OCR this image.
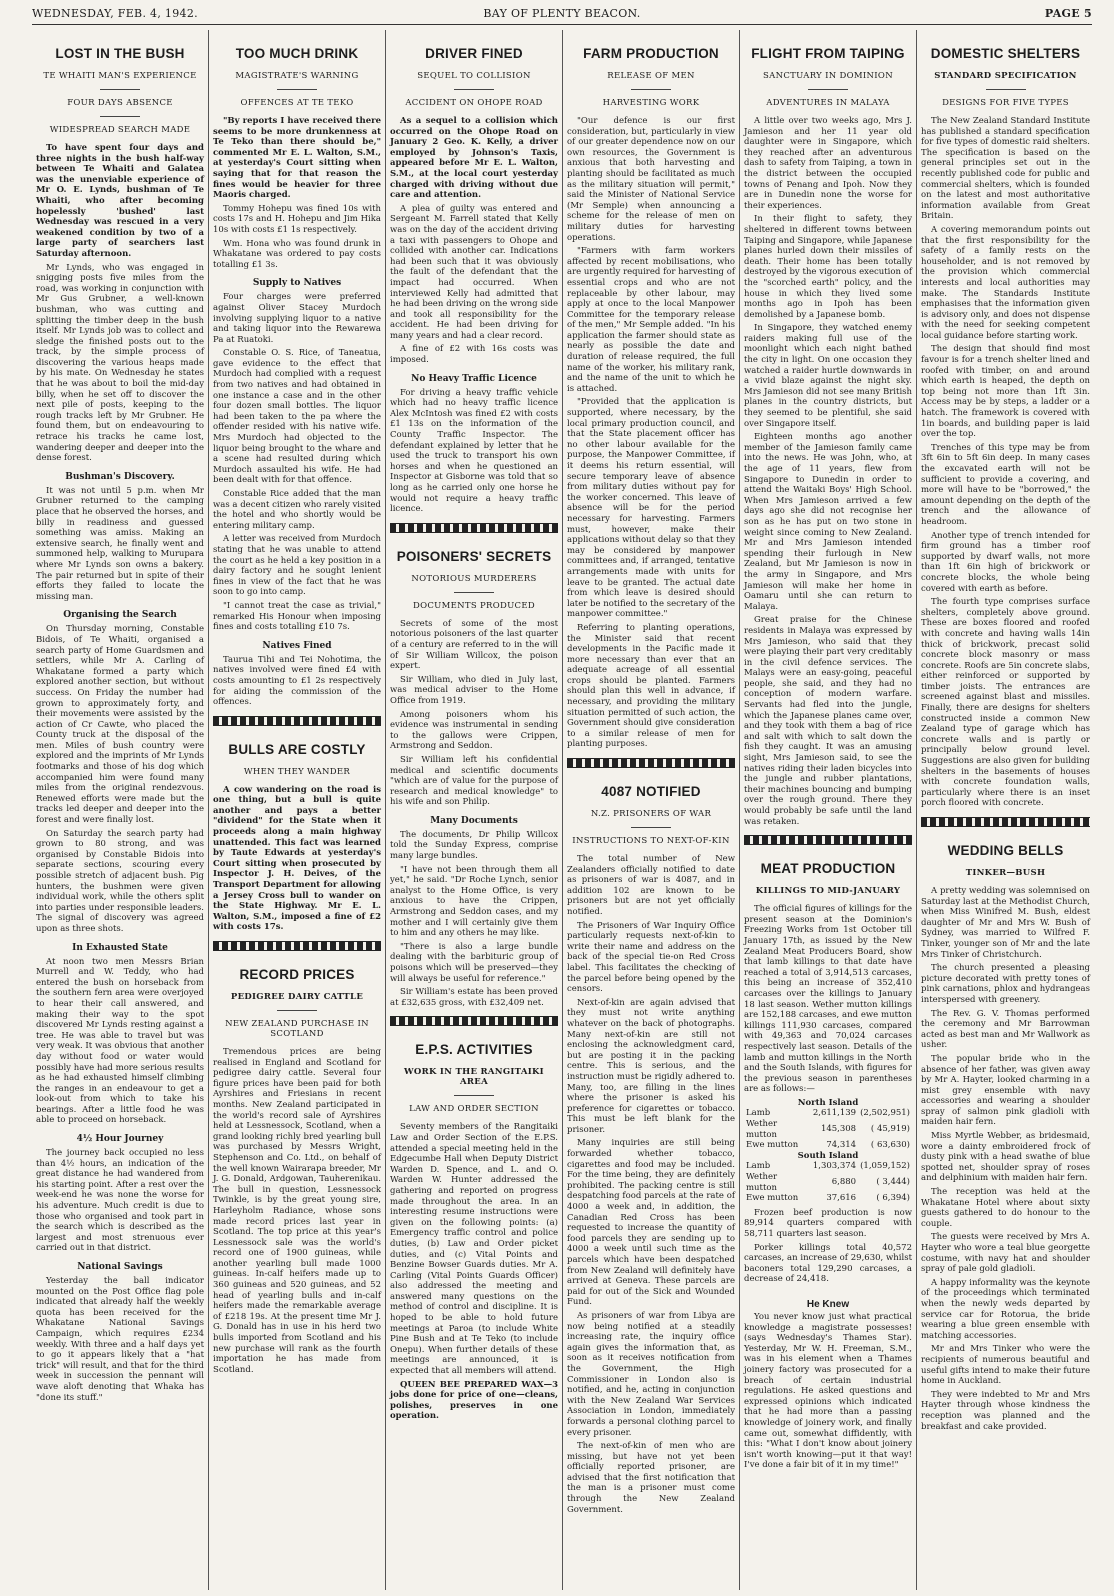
WEDNESDAY, FEB. 4, 1942.	BAY OF PLENTY BEACON.	PAGE 5
LOST IN THE BUSH
TE WHAITI MAN'S EXPERIENCE
FOUR DAYS ABSENCE
WIDESPREAD SEARCH MADE

To have spent four days and three nights in the bush half-way between Te Whaiti and Galatea was the unenviable experience of Mr O. E. Lynds, bushman of Te Whaiti, who after becoming hopelessly 'bushed' last Wednesday was rescued in a very weakened condition by two of a large party of searchers last Saturday afternoon.

Mr Lynds, who was engaged in snigging posts five miles from the road, was working in conjunction with Mr Gus Grubner, a well-known bushman, who was cutting and splitting the timber deep in the bush itself. Mr Lynds job was to collect and sledge the finished posts out to the track, by the simple process of discovering the various heaps made by his mate. On Wednesday he states that he was about to boil the mid-day billy, when he set off to discover the next pile of posts, keeping to the rough tracks left by Mr Grubner. He found them, but on endeavouring to retrace his tracks he came lost, wandering deeper and deeper into the dense forest.

Bushman's Discovery.

It was not until 5 p.m. when Mr Grubner returned to the camping place that he observed the horses, and billy in readiness and guessed something was amiss. Making an extensive search, he finally went and summoned help, walking to Murupara where Mr Lynds son owns a bakery. The pair returned but in spite of their efforts they failed to locate the missing man.

Organising the Search

On Thursday morning, Constable Bidois, of Te Whaiti, organised a search party of Home Guardsmen and settlers, while Mr A. Carling of Whakatane formed a party which explored another section, but without success. On Friday the number had grown to approximately forty, and their movements were assisted by the action of Cr Cawte, who placed the County truck at the disposal of the men. Miles of bush country were explored and the imprints of Mr Lynds footmarks and those of his dog which accompanied him were found many miles from the original rendezvous. Renewed efforts were made but the tracks led deeper and deeper into the forest and were finally lost.

On Saturday the search party had grown to 80 strong, and was organised by Constable Bidois into separate sections, scouring every possible stretch of adjacent bush. Pig hunters, the bushmen were given individual work, while the others split into parties under responsible leaders. The signal of discovery was agreed upon as three shots.

In Exhausted State

At noon two men Messrs Brian Murrell and W. Teddy, who had entered the bush on horseback from the southern fern area were overjoyed to hear their call answered, and making their way to the spot discovered Mr Lynds resting against a tree. He was able to travel but was very weak. It was obvious that another day without food or water would possibly have had more serious results as he had exhausted himself climbing the ranges in an endeavour to get a look-out from which to take his bearings. After a little food he was able to proceed on horseback.

4½ Hour Journey

The journey back occupied no less than 4½ hours, an indication of the great distance he had wandered from his starting point. After a rest over the week-end he was none the worse for his adventure. Much credit is due to those who organised and took part in the search which is described as the largest and most strenuous ever carried out in that district.

National Savings

Yesterday the ball indicator mounted on the Post Office flag pole indicated that already half the weekly quota has been received for the Whakatane National Savings Campaign, which requires £234 weekly. With three and a half days yet to go it appears likely that a "hat trick" will result, and that for the third week in succession the pennant will wave aloft denoting that Whaka has "done its stuff."

TOO MUCH DRINK
MAGISTRATE'S WARNING
OFFENCES AT TE TEKO

"By reports I have received there seems to be more drunkenness at Te Teko than there should be," commented Mr E. L. Walton, S.M., at yesterday's Court sitting when saying that for that reason the fines would be heavier for three Maoris charged.

Tommy Hohepu was fined 10s with costs 17s and H. Hohepu and Jim Hika 10s with costs £1 1s respectively.

Wm. Hona who was found drunk in Whakatane was ordered to pay costs totalling £1 3s.

Supply to Natives

Four charges were preferred against Oliver Stacey Murdoch involving supplying liquor to a native and taking liquor into the Rewarewa Pa at Ruatoki.

Constable O. S. Rice, of Taneatua, gave evidence to the effect that Murdoch had complied with a request from two natives and had obtained in one instance a case and in the other four dozen small bottles. The liquor had been taken to the pa where the offender resided with his native wife. Mrs Murdoch had objected to the liquor being brought to the whare and a scene had resulted during which Murdoch assaulted his wife. He had been dealt with for that offence.

Constable Rice added that the man was a decent citizen who rarely visited the hotel and who shortly would be entering military camp.

A letter was received from Murdoch stating that he was unable to attend the court as he held a key position in a dairy factory and he sought lenient fines in view of the fact that he was soon to go into camp.

"I cannot treat the case as trivial," remarked His Honour when imposing fines and costs totalling £10 7s.

Natives Fined

Taurua Tihi and Tei Nohotima, the natives involved were fined £4 with costs amounting to £1 2s respectively for aiding the commission of the offences.

BULLS ARE COSTLY
WHEN THEY WANDER

A cow wandering on the road is one thing, but a bull is quite another and pays a better "dividend" for the State when it proceeds along a main highway unattended. This fact was learned by Taute Edwards at yesterday's Court sitting when prosecuted by Inspector J. H. Deives, of the Transport Department for allowing a Jersey Cross bull to wander on the State Highway. Mr E. L. Walton, S.M., imposed a fine of £2 with costs 17s.

RECORD PRICES
PEDIGREE DAIRY CATTLE
NEW ZEALAND PURCHASE IN SCOTLAND

Tremendous prices are being realised in England and Scotland for pedigree dairy cattle. Several four figure prices have been paid for both Ayrshires and Friesians in recent months. New Zealand participated in the world's record sale of Ayrshires held at Lessnessock, Scotland, when a grand looking richly bred yearling bull was purchased by Messrs Wright, Stephenson and Co. Ltd., on behalf of the well known Wairarapa breeder, Mr J. G. Donald, Ardgowan, Tauherenikau. The bull in question, Lessnessock Twinkle, is by the great young sire, Harleyholm Radiance, whose sons made record prices last year in Scotland. The top price at this year's Lessnessock sale was the world's record one of 1900 guineas, while another yearling bull made 1000 guineas. In-calf heifers made up to 360 guineas and 520 guineas, and 52 head of yearling bulls and in-calf heifers made the remarkable average of £218 19s. At the present time Mr J. G. Donald has in use in his herd two bulls imported from Scotland and his new purchase will rank as the fourth importation he has made from Scotland.

DRIVER FINED
SEQUEL TO COLLISION
ACCIDENT ON OHOPE ROAD

As a sequel to a collision which occurred on the Ohope Road on January 2 Geo. K. Kelly, a driver employed by Johnson's Taxis, appeared before Mr E. L. Walton, S.M., at the local court yesterday charged with driving without due care and attention.

A plea of guilty was entered and Sergeant M. Farrell stated that Kelly was on the day of the accident driving a taxi with passengers to Ohope and collided with another car. Indications had been such that it was obviously the fault of the defendant that the impact had occurred. When interviewed Kelly had admitted that he had been driving on the wrong side and took all responsibility for the accident. He had been driving for many years and had a clear record.

A fine of £2 with 16s costs was imposed.

No Heavy Traffic Licence

For driving a heavy traffic vehicle which had no heavy traffic licence Alex McIntosh was fined £2 with costs £1 13s on the information of the County Traffic Inspector. The defendant explained by letter that he used the truck to transport his own horses and when he questioned an Inspector at Gisborne was told that so long as he carried only one horse he would not require a heavy traffic licence.

POISONERS' SECRETS
NOTORIOUS MURDERERS
DOCUMENTS PRODUCED

Secrets of some of the most notorious poisoners of the last quarter of a century are referred to in the will of Sir William Willcox, the poison expert.

Sir William, who died in July last, was medical adviser to the Home Office from 1919.

Among poisoners whom his evidence was instrumental in sending to the gallows were Crippen, Armstrong and Seddon.

Sir William left his confidential medical and scientific documents "which are of value for the purpose of research and medical knowledge" to his wife and son Philip.

Many Documents

The documents, Dr Philip Willcox told the Sunday Express, comprise many large bundles.

"I have not been through them all yet," he said. "Dr Roche Lynch, senior analyst to the Home Office, is very anxious to have the Crippen, Armstrong and Seddon cases, and my mother and I will certainly give them to him and any others he may like.

"There is also a large bundle dealing with the barbituric group of poisons which will be preserved—they will always be useful for reference."

Sir William's estate has been proved at £32,635 gross, with £32,409 net.

E.P.S. ACTIVITIES
WORK IN THE RANGITAIKI AREA
LAW AND ORDER SECTION

Seventy members of the Rangitaiki Law and Order Section of the E.P.S. attended a special meeting held in the Edgecumbe Hall when Deputy District Warden D. Spence, and L. and O. Warden W. Hunter addressed the gathering and reported on progress made throughout the area. In an interesting resume instructions were given on the following points: (a) Emergency traffic control and police duties, (b) Law and Order picket duties, and (c) Vital Points and Benzine Bowser Guards duties. Mr A. Carling (Vital Points Guards Officer) also addressed the meeting and answered many questions on the method of control and discipline. It is hoped to be able to hold future meetings at Paroa (to include White Pine Bush and at Te Teko (to include Onepu). When further details of these meetings are announced, it is expected that all members will attend.

QUEEN BEE PREPARED WAX—3 jobs done for price of one—cleans, polishes, preserves in one operation.

FARM PRODUCTION
RELEASE OF MEN
HARVESTING WORK

"Our defence is our first consideration, but, particularly in view of our greater dependence now on our own resources, the Government is anxious that both harvesting and planting should be facilitated as much as the military situation will permit," said the Minister of National Service (Mr Semple) when announcing a scheme for the release of men on military duties for harvesting operations.

"Farmers with farm workers affected by recent mobilisations, who are urgently required for harvesting of essential crops and who are not replaceable by other labour, may apply at once to the local Manpower Committee for the temporary release of the men," Mr Semple added. "In his application the farmer should state as nearly as possible the date and duration of release required, the full name of the worker, his military rank, and the name of the unit to which he is attached.

"Provided that the application is supported, where necessary, by the local primary production council, and that the State placement officer has no other labour available for the purpose, the Manpower Committee, if it deems his return essential, will secure temporary leave of absence from military duties without pay for the worker concerned. This leave of absence will be for the period necessary for harvesting. Farmers must, however, make their applications without delay so that they may be considered by manpower committees and, if arranged, tentative arrangements made with units for leave to be granted. The actual date from which leave is desired should later be notified to the secretary of the manpower committee."

Referring to planting operations, the Minister said that recent developments in the Pacific made it more necessary than ever that an adequate acreage of all essential crops should be planted. Farmers should plan this well in advance, if necessary, and providing the military situation permitted of such action, the Government should give consideration to a similar release of men for planting purposes.

4087 NOTIFIED
N.Z. PRISONERS OF WAR
INSTRUCTIONS TO NEXT-OF-KIN

The total number of New Zealanders officially notified to date as prisoners of war is 4087, and in addition 102 are known to be prisoners but are not yet officially notified.

The Prisoners of War Inquiry Office particularly requests next-of-kin to write their name and address on the back of the special tie-on Red Cross label. This facilitates the checking of the parcel before being opened by the censors.

Next-of-kin are again advised that they must not write anything whatever on the back of photographs. Many next-of-kin are still not enclosing the acknowledgment card, but are posting it in the packing centre. This is serious, and the instruction must be rigidly adhered to. Many, too, are filling in the lines where the prisoner is asked his preference for cigarettes or tobacco. This must be left blank for the prisoner.

Many inquiries are still being forwarded whether tobacco, cigarettes and food may be included. For the time being, they are definitely prohibited. The packing centre is still despatching food parcels at the rate of 4000 a week and, in addition, the Canadian Red Cross has been requested to increase the quantity of food parcels they are sending up to 4000 a week until such time as the parcels which have been despatched from New Zealand will definitely have arrived at Geneva. These parcels are paid for out of the Sick and Wounded Fund.

As prisoners of war from Libya are now being notified at a steadily increasing rate, the inquiry office again gives the information that, as soon as it receives notification from the Government, the High Commissioner in London also is notified, and he, acting in conjunction with the New Zealand War Services Association in London, immediately forwards a personal clothing parcel to every prisoner.

The next-of-kin of men who are missing, but have not yet been officially reported prisoner, are advised that the first notification that the man is a prisoner must come through the New Zealand Government.

FLIGHT FROM TAIPING
SANCTUARY IN DOMINION
ADVENTURES IN MALAYA

A little over two weeks ago, Mrs J. Jamieson and her 11 year old daughter were in Singapore, which they reached after an adventurous dash to safety from Taiping, a town in the district between the occupied towns of Penang and Ipoh. Now they are in Dunedin none the worse for their experiences.

In their flight to safety, they sheltered in different towns between Taiping and Singapore, while Japanese planes hurled down their missiles of death. Their home has been totally destroyed by the vigorous execution of the "scorched earth" policy, and the house in which they lived some months ago in Ipoh has been demolished by a Japanese bomb.

In Singapore, they watched enemy raiders making full use of the moonlight which each night bathed the city in light. On one occasion they watched a raider hurtle downwards in a vivid blaze against the night sky. Mrs Jamieson did not see many British planes in the country districts, but they seemed to be plentiful, she said over Singapore itself.

Eighteen months ago another member of the Jamieson family came into the news. He was John, who, at the age of 11 years, flew from Singapore to Dunedin in order to attend the Waitaki Boys' High School. When Mrs Jamieson arrived a few days ago she did not recognise her son as he has put on two stone in weight since coming to New Zealand. Mr and Mrs Jamieson intended spending their furlough in New Zealand, but Mr Jamieson is now in the army in Singapore, and Mrs Jamieson will make her home in Oamaru until she can return to Malaya.

Great praise for the Chinese residents in Malaya was expressed by Mrs Jamieson, who said that they were playing their part very creditably in the civil defence services. The Malays were an easy-going, peaceful people, she said, and they had no conception of modern warfare. Servants had fled into the jungle, which the Japanese planes came over, and they took with them a bag of rice and salt with which to salt down the fish they caught. It was an amusing sight, Mrs Jamieson said, to see the natives riding their laden bicycles into the jungle and rubber plantations, their machines bouncing and bumping over the rough ground. There they would probably be safe until the land was retaken.

MEAT PRODUCTION
KILLINGS TO MID-JANUARY

The official figures of killings for the present season at the Dominion's Freezing Works from 1st October till January 17th, as issued by the New Zealand Meat Producers Board, show that lamb killings to that date have reached a total of 3,914,513 carcases, this being an increase of 352,410 carcases over the killings to January 18 last season. Wether mutton killings are 152,188 carcases, and ewe mutton killings 111,930 carcases, compared with 49,363 and 70,024 carcases respectively last season. Details of the lamb and mutton killings in the North and the South Islands, with figures for the previous season in parentheses are as follows:—

North Island		
Lamb	2,611,139	(2,502,951)
Wether mutton	145,308	( 45,919)
Ewe mutton	74,314	( 63,630)
South Island		
Lamb	1,303,374	(1,059,152)
Wether mutton	6,880	( 3,444)
Ewe mutton	37,616	( 6,394)

Frozen beef production is now 89,914 quarters compared with 58,711 quarters last season.

Porker killings total 40,572 carcases, an increase of 29,630, whilst baconers total 129,290 carcases, a decrease of 24,418.

He Knew

You never know just what practical knowledge a magistrate possesses! (says Wednesday's Thames Star). Yesterday, Mr W. H. Freeman, S.M., was in his element when a Thames joinery factory was prosecuted for a breach of certain industrial regulations. He asked questions and expressed opinions which indicated that he had more than a passing knowledge of joinery work, and finally came out, somewhat diffidently, with this: "What I don't know about joinery isn't worth knowing—put it that way! I've done a fair bit of it in my time!"

DOMESTIC SHELTERS
STANDARD SPECIFICATION
DESIGNS FOR FIVE TYPES

The New Zealand Standard Institute has published a standard specification for five types of domestic raid shelters. The specification is based on the general principles set out in the recently published code for public and commercial shelters, which is founded on the latest and most authoritative information available from Great Britain.

A covering memorandum points out that the first responsibility for the safety of a family rests on the householder, and is not removed by the provision which commercial interests and local authorities may make. The Standards Institute emphasises that the information given is advisory only, and does not dispense with the need for seeking competent local guidance before starting work.

The design that should find most favour is for a trench shelter lined and roofed with timber, on and around which earth is heaped, the depth on top being not more than 1ft 3in. Access may be by steps, a ladder or a hatch. The framework is covered with 1in boards, and building paper is laid over the top.

Trenches of this type may be from 3ft 6in to 5ft 6in deep. In many cases the excavated earth will not be sufficient to provide a covering, and more will have to be "borrowed," the amount depending on the depth of the trench and the allowance of headroom.

Another type of trench intended for firm ground has a timber roof supported by dwarf walls, not more than 1ft 6in high of brickwork or concrete blocks, the whole being covered with earth as before.

The fourth type comprises surface shelters, completely above ground. These are boxes floored and roofed with concrete and having walls 14in thick of brickwork, precast solid concrete block masonry or mass concrete. Roofs are 5in concrete slabs, either reinforced or supported by timber joists. The entrances are screened against blast and missiles. Finally, there are designs for shelters constructed inside a common New Zealand type of garage which has concrete walls and is partly or principally below ground level. Suggestions are also given for building shelters in the basements of houses with concrete foundation walls, particularly where there is an inset porch floored with concrete.

WEDDING BELLS
TINKER—BUSH

A pretty wedding was solemnised on Saturday last at the Methodist Church, when Miss Winifred M. Bush, eldest daughter of Mr and Mrs W. Bush of Sydney, was married to Wilfred F. Tinker, younger son of Mr and the late Mrs Tinker of Christchurch.

The church presented a pleasing picture decorated with pretty tones of pink carnations, phlox and hydrangeas interspersed with greenery.

The Rev. G. V. Thomas performed the ceremony and Mr Barrowman acted as best man and Mr Wallwork as usher.

The popular bride who in the absence of her father, was given away by Mr A. Hayter, looked charming in a mist grey ensemble with navy accessories and wearing a shoulder spray of salmon pink gladioli with maiden hair fern.

Miss Myrtle Webber, as bridesmaid, wore a dainty embroidered frock of dusty pink with a head swathe of blue spotted net, shoulder spray of roses and delphinium with maiden hair fern.

The reception was held at the Whakatane Hotel where about sixty guests gathered to do honour to the couple.

The guests were received by Mrs A. Hayter who wore a teal blue georgette costume, with navy hat and shoulder spray of pale gold gladioli.

A happy informality was the keynote of the proceedings which terminated when the newly weds departed by service car for Rotorua, the bride wearing a blue green ensemble with matching accessories.

Mr and Mrs Tinker who were the recipients of numerous beautiful and useful gifts intend to make their future home in Auckland.

They were indebted to Mr and Mrs Hayter through whose kindness the reception was planned and the breakfast and cake provided.
